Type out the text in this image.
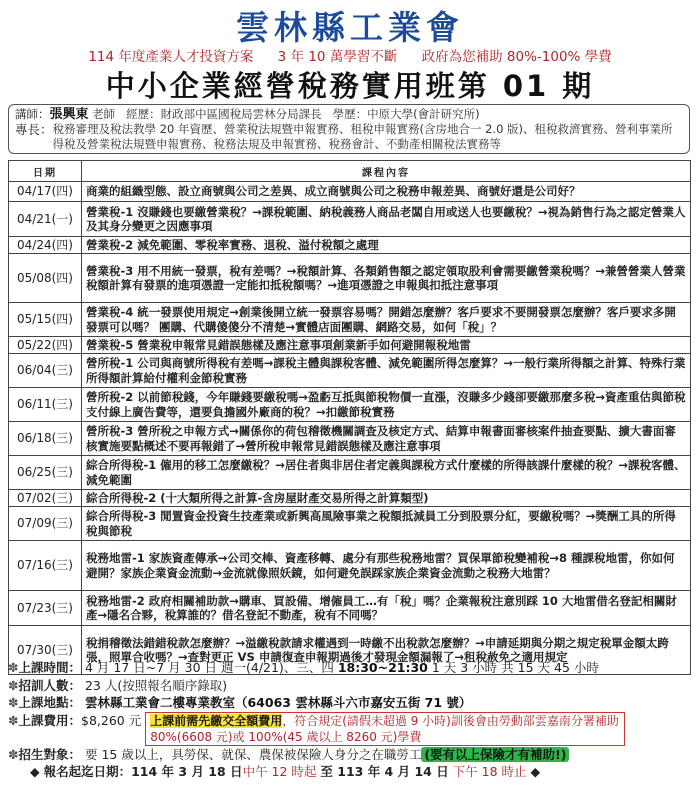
雲林縣工業會
114 年度產業人才投資方案 3 年 10 萬學習不斷 政府為您補助 80%-100% 學費
中小企業經營稅務實用班第 01 期
講師：張興東 老師 經歷：財政部中區國稅局雲林分局課長 學歷：中原大學(會計研究所)
專長： 稅務審理及稅法教學 20 年資歷、營業稅法規暨申報實務、租稅申報實務(含房地合一 2.0 版)、租稅救濟實務、營利事業所得稅及營業稅法規暨申報實務、稅務法規及申報實務、稅務會計、不動產相關稅法實務等
日期	課程內容
04/17(四)	商業的組織型態、設立商號與公司之差異、成立商號與公司之稅務申報差異、商號好還是公司好？
04/21(一)	營業稅-1 沒賺錢也要繳營業稅？→課稅範圍、納稅義務人商品老闆自用或送人也要繳稅？→視為銷售行為之認定營業人及其身分變更之因應事項
04/24(四)	營業稅-2 減免範圍、零稅率實務、退稅、溢付稅額之處理
05/08(四)	營業稅-3 用不用統一發票，稅有差嗎？→稅額計算、各類銷售額之認定領取股利會需要繳營業稅嗎？→兼營營業人營業稅額計算有發票的進項憑證一定能扣抵稅額嗎？→進項憑證之申報與扣抵注意事項
05/15(四)	營業稅-4 統一發票使用規定→創業後開立統一發票容易嗎？開錯怎麼辦？客戶要求不要開發票怎麼辦？客戶要求多開發票可以嗎？ 團購、代購傻傻分不清楚→實體店面團購、網路交易，如何「稅」？
05/22(四)	營業稅-5 營業稅申報常見錯誤態樣及應注意事項創業新手如何避開報稅地雷
06/04(三)	營所稅-1 公司與商號所得稅有差嗎→課稅主體與課稅客體、減免範圍所得怎麼算？→一般行業所得額之計算、特殊行業所得額計算給付權利金節稅實務
06/11(三)	營所稅-2 以前節稅錢，今年賺錢要繳稅嗎→盈虧互抵與節稅物價一直漲，沒賺多少錢卻要繳那麼多稅→資產重估與節稅支付線上廣告費等，還要負擔國外廠商的稅？→扣繳節稅實務
06/18(三)	營所稅-3 營所稅之申報方式→關係你的荷包稽徵機關調查及核定方式、結算申報書面審核案件抽查要點、擴大書面審核實施要點概述不要再報錯了→營所稅申報常見錯誤態樣及應注意事項
06/25(三)	綜合所得稅-1 僱用的移工怎麼繳稅？→居住者與非居住者定義與課稅方式什麼樣的所得該課什麼樣的稅？→課稅客體、減免範圍
07/02(三)	綜合所得稅-2 (十大類所得之計算-含房屋財產交易所得之計算類型)
07/09(三)	綜合所得稅-3 閒置資金投資生技產業或新興高風險事業之稅額抵減員工分到股票分紅，要繳稅嗎？→獎酬工具的所得稅與節稅
07/16(三)	稅務地雷-1 家族資產傳承→公司交棒、資產移轉、處分有那些稅務地雷？買保單節稅變補稅→8 種課稅地雷，你如何避開？家族企業資金流動→金流就像照妖鏡，如何避免誤踩家族企業資金流動之稅務大地雷？
07/23(三)	稅務地雷-2 政府相關補助款→購車、買設備、增僱員工…有「稅」嗎？企業報稅注意別踩 10 大地雷借名登記相關財產→隱名合夥，稅算誰的？借名登記不動產，稅有不同嗎？
07/30(三)	稅捐稽徵法錯錯稅款怎麼辦？→溢繳稅款請求權遇到一時繳不出稅款怎麼辦？→申請延期與分期之規定稅單金額太跨張，照單合收嗎？→查對更正 VS 申請復查申報期過後才發現金額漏報了→租稅赦免之適用規定
✽上課時間： 4 月 17 日~7 月 30 日 週一(4/21)、三、四 18:30~21:30 1 天 3 小時 共 15 天 45 小時
✽招訓人數： 23 人(按照報名順序錄取)
✽上課地點： 雲林縣工業會二樓專業教室（64063 雲林縣斗六市嘉安五街 71 號）
✽ 上課費用： $8,260 元 上課前需先繳交全額費用，符合規定(請假未超過 9 小時)訓後會由勞動部雲嘉南分署補助 80%(6608 元)或 100%(45 歲以上 8260 元)學費
✽招生對象： 要 15 歲以上，具勞保、就保、農保被保險人身分之在職勞工 (要有以上保險才有補助!)
◆ 報名起迄日期：114 年 3 月 18 日中午 12 時起 至 113 年 4 月 14 日 下午 18 時止 ◆
